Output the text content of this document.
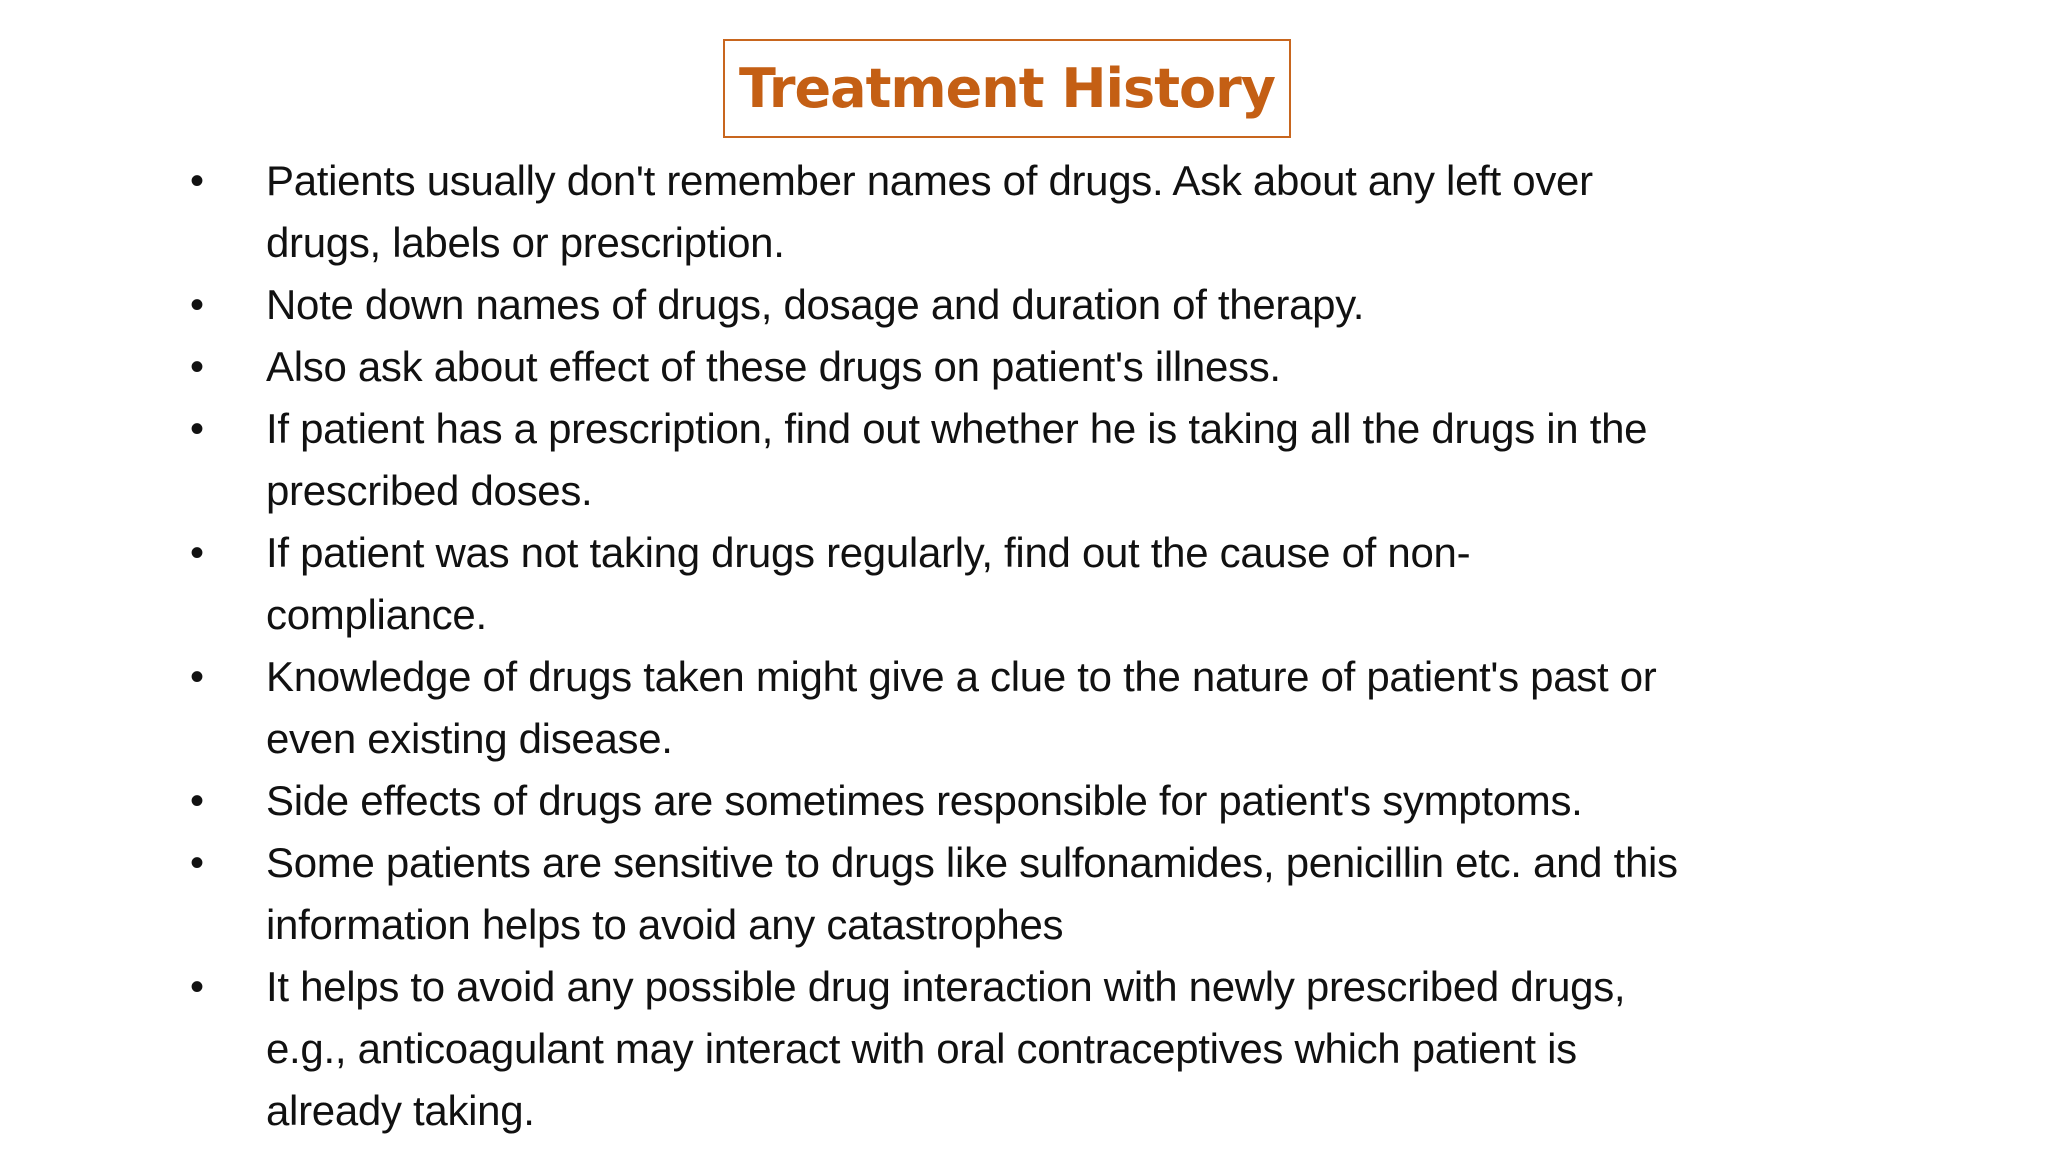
Treatment History
•	Patients usually don't remember names of drugs. Ask about any left over
drugs, labels or prescription.
•	Note down names of drugs, dosage and duration of therapy.
•	Also ask about effect of these drugs on patient's illness.
•	If patient has a prescription, find out whether he is taking all the drugs in the
prescribed doses.
•	If patient was not taking drugs regularly, find out the cause of non-
compliance.
•	Knowledge of drugs taken might give a clue to the nature of patient's past or
even existing disease.
•	Side effects of drugs are sometimes responsible for patient's symptoms.
•	Some patients are sensitive to drugs like sulfonamides, penicillin etc. and this
information helps to avoid any catastrophes
•	It helps to avoid any possible drug interaction with newly prescribed drugs,
e.g., anticoagulant may interact with oral contraceptives which patient is
already taking.
